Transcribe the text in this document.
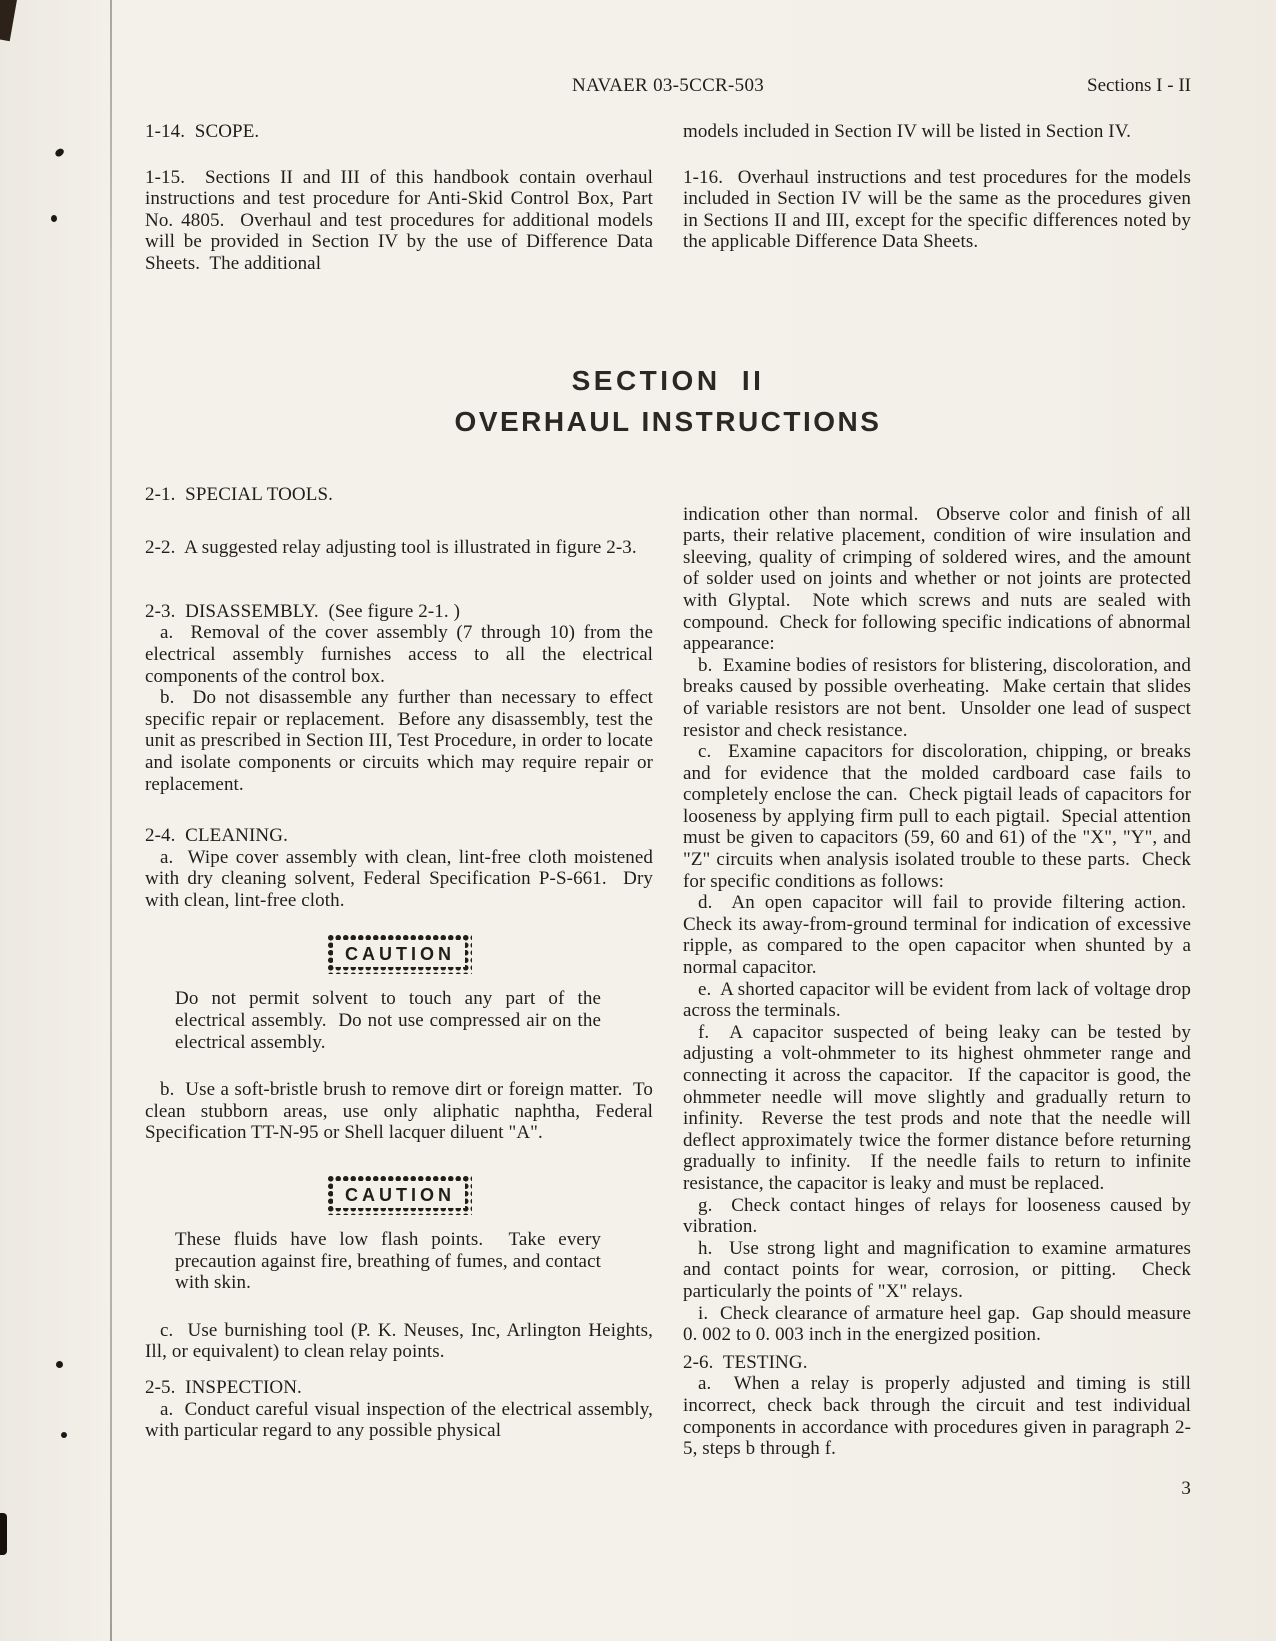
NAVAER 03-5CCR-503	Sections I - II

1-14.  SCOPE.

1-15.  Sections II and III of this handbook contain overhaul instructions and test procedure for Anti-Skid Control Box, Part No. 4805.  Overhaul and test procedures for additional models will be provided in Section IV by the use of Difference Data Sheets.  The additional

models included in Section IV will be listed in Section IV.

1-16.  Overhaul instructions and test procedures for the models included in Section IV will be the same as the procedures given in Sections II and III, except for the specific differences noted by the applicable Difference Data Sheets.

SECTION II
OVERHAUL INSTRUCTIONS

2-1.  SPECIAL TOOLS.

2-2.  A suggested relay adjusting tool is illustrated in figure 2-3.

2-3.  DISASSEMBLY.  (See figure 2-1. )

a.  Removal of the cover assembly (7 through 10) from the electrical assembly furnishes access to all the electrical components of the control box.

b.  Do not disassemble any further than necessary to effect specific repair or replacement.  Before any disassembly, test the unit as prescribed in Section III, Test Procedure, in order to locate and isolate components or circuits which may require repair or replacement.

2-4.  CLEANING.

a.  Wipe cover assembly with clean, lint-free cloth moistened with dry cleaning solvent, Federal Specification P-S-661.  Dry with clean, lint-free cloth.

CAUTION

Do not permit solvent to touch any part of the electrical assembly.  Do not use compressed air on the electrical assembly.

b.  Use a soft-bristle brush to remove dirt or foreign matter.  To clean stubborn areas, use only aliphatic naphtha, Federal Specification TT-N-95 or Shell lacquer diluent "A".

CAUTION

These fluids have low flash points.  Take every precaution against fire, breathing of fumes, and contact with skin.

c.  Use burnishing tool (P. K. Neuses, Inc, Arlington Heights, Ill, or equivalent) to clean relay points.

2-5.  INSPECTION.

a.  Conduct careful visual inspection of the electrical assembly, with particular regard to any possible physical

indication other than normal.  Observe color and finish of all parts, their relative placement, condition of wire insulation and sleeving, quality of crimping of soldered wires, and the amount of solder used on joints and whether or not joints are protected with Glyptal.  Note which screws and nuts are sealed with compound.  Check for following specific indications of abnormal appearance:

b.  Examine bodies of resistors for blistering, discoloration, and breaks caused by possible overheating.  Make certain that slides of variable resistors are not bent.  Unsolder one lead of suspect resistor and check resistance.

c.  Examine capacitors for discoloration, chipping, or breaks and for evidence that the molded cardboard case fails to completely enclose the can.  Check pigtail leads of capacitors for looseness by applying firm pull to each pigtail.  Special attention must be given to capacitors (59, 60 and 61) of the "X", "Y", and "Z" circuits when analysis isolated trouble to these parts.  Check for specific conditions as follows:

d.  An open capacitor will fail to provide filtering action.  Check its away-from-ground terminal for indication of excessive ripple, as compared to the open capacitor when shunted by a normal capacitor.

e.  A shorted capacitor will be evident from lack of voltage drop across the terminals.

f.  A capacitor suspected of being leaky can be tested by adjusting a volt-ohmmeter to its highest ohmmeter range and connecting it across the capacitor.  If the capacitor is good, the ohmmeter needle will move slightly and gradually return to infinity.  Reverse the test prods and note that the needle will deflect approximately twice the former distance before returning gradually to infinity.  If the needle fails to return to infinite resistance, the capacitor is leaky and must be replaced.

g.  Check contact hinges of relays for looseness caused by vibration.

h.  Use strong light and magnification to examine armatures and contact points for wear, corrosion, or pitting.  Check particularly the points of "X" relays.

i.  Check clearance of armature heel gap.  Gap should measure 0. 002 to 0. 003 inch in the energized position.

2-6.  TESTING.

a.  When a relay is properly adjusted and timing is still incorrect, check back through the circuit and test individual components in accordance with procedures given in paragraph 2-5, steps b through f.

3
